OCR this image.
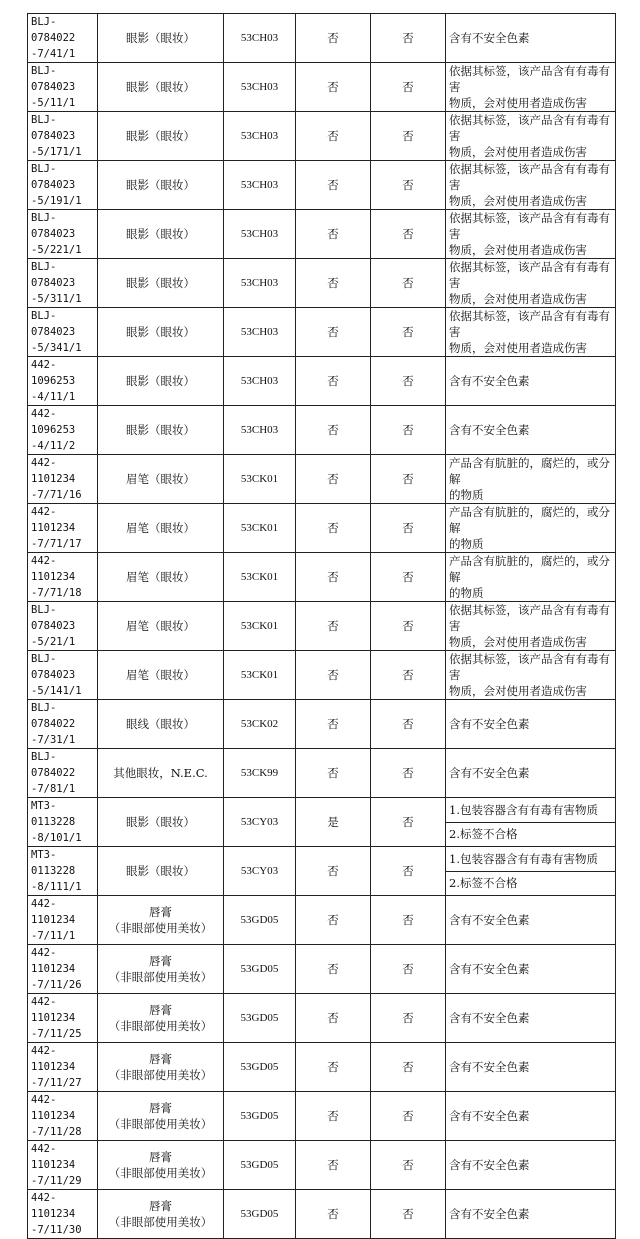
BLJ-0784022
-7/41/1	眼影（眼妆）	53CH03	否	否	含有不安全色素

BLJ-0784023
-5/11/1	眼影（眼妆）	53CH03	否	否	依据其标签，该产品含有有毒有害
物质，会对使用者造成伤害

BLJ-0784023
-5/171/1	眼影（眼妆）	53CH03	否	否	依据其标签，该产品含有有毒有害
物质，会对使用者造成伤害

BLJ-0784023
-5/191/1	眼影（眼妆）	53CH03	否	否	依据其标签，该产品含有有毒有害
物质，会对使用者造成伤害

BLJ-0784023
-5/221/1	眼影（眼妆）	53CH03	否	否	依据其标签，该产品含有有毒有害
物质，会对使用者造成伤害

BLJ-0784023
-5/311/1	眼影（眼妆）	53CH03	否	否	依据其标签，该产品含有有毒有害
物质，会对使用者造成伤害

BLJ-0784023
-5/341/1	眼影（眼妆）	53CH03	否	否	依据其标签，该产品含有有毒有害
物质，会对使用者造成伤害

442-1096253
-4/11/1	眼影（眼妆）	53CH03	否	否	含有不安全色素

442-1096253
-4/11/2	眼影（眼妆）	53CH03	否	否	含有不安全色素

442-1101234
-7/71/16	眉笔（眼妆）	53CK01	否	否	产品含有肮脏的，腐烂的，或分解
的物质

442-1101234
-7/71/17	眉笔（眼妆）	53CK01	否	否	产品含有肮脏的，腐烂的，或分解
的物质

442-1101234
-7/71/18	眉笔（眼妆）	53CK01	否	否	产品含有肮脏的，腐烂的，或分解
的物质

BLJ-0784023
-5/21/1	眉笔（眼妆）	53CK01	否	否	依据其标签，该产品含有有毒有害
物质，会对使用者造成伤害

BLJ-0784023
-5/141/1	眉笔（眼妆）	53CK01	否	否	依据其标签，该产品含有有毒有害
物质，会对使用者造成伤害

BLJ-0784022
-7/31/1	眼线（眼妆）	53CK02	否	否	含有不安全色素

BLJ-0784022
-7/81/1	其他眼妆，N.E.C.	53CK99	否	否	含有不安全色素

MT3-0113228
-8/101/1	眼影（眼妆）	53CY03	是	否	1.包装容器含有有毒有害物质
					2.标签不合格
MT3-0113228
-8/111/1	眼影（眼妆）	53CY03	否	否	1.包装容器含有有毒有害物质
					2.标签不合格
442-1101234
-7/11/1	唇膏
（非眼部使用美妆）	53GD05	否	否	含有不安全色素

442-1101234
-7/11/26	唇膏
（非眼部使用美妆）	53GD05	否	否	含有不安全色素

442-1101234
-7/11/25	唇膏
（非眼部使用美妆）	53GD05	否	否	含有不安全色素

442-1101234
-7/11/27	唇膏
（非眼部使用美妆）	53GD05	否	否	含有不安全色素

442-1101234
-7/11/28	唇膏
（非眼部使用美妆）	53GD05	否	否	含有不安全色素

442-1101234
-7/11/29	唇膏
（非眼部使用美妆）	53GD05	否	否	含有不安全色素

442-1101234
-7/11/30	唇膏
（非眼部使用美妆）	53GD05	否	否	含有不安全色素
